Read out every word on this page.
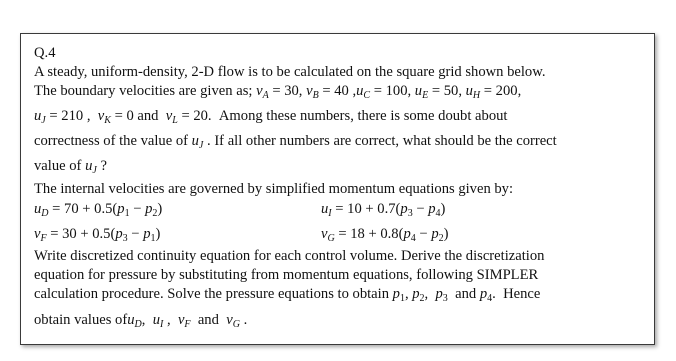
Q.4
A steady, uniform-density, 2-D flow is to be calculated on the square grid shown below.
The boundary velocities are given as; $v_A = 30$, $v_B = 40$ $,u_C = 100$, $u_E = 50$, $u_H = 200$,
$u_J = 210$ ,  $v_K = 0$ and  $v_L = 20$.  Among these numbers, there is some doubt about
correctness of the value of $u_J$ . If all other numbers are correct, what should be the correct
value of $u_J$ ?
The internal velocities are governed by simplified momentum equations given by:
$u_D = 70 + 0.5(p_1 - p_2)$	$u_I = 10 + 0.7(p_3 - p_4)$
$v_F = 30 + 0.5(p_3 - p_1)$	$v_G = 18 + 0.8(p_4 - p_2)$
Write discretized continuity equation for each control volume. Derive the discretization
equation for pressure by substituting from momentum equations, following SIMPLER
calculation procedure. Solve the pressure equations to obtain $p_1$, $p_2$,  $p_3$  and $p_4$.  Hence
obtain values ofu$_D$,  $u_I$ ,  $v_F$  and  $v_G$ .
